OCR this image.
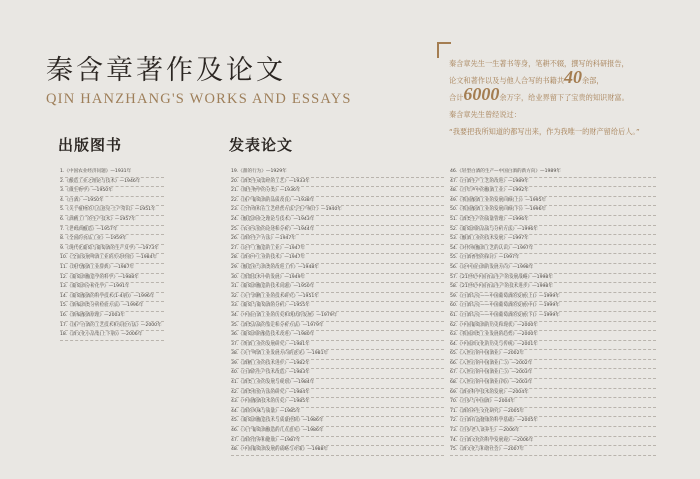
秦含章著作及论文
QIN HANZHANG'S WORKS AND ESSAYS
秦含章先生一生著书等身，笔耕不辍，撰写的科研报告，
论文和著作以及与他人合写的书籍共40余部，
合计6000余万字，给业界留下了宝贵的知识财富。
秦含章先生曾经说过：
“我要把我所知道的都写出来，作为我唯一的财产留给后人。”
出版图书	发表论文
1.《中国农业经济问题》—1931年
2.《酿造工业之理论与技术》—1946年
3.《微生物学》—1950年
4.《白酒》—1950年
5.《关于植物的几点意见·土产常识》—1951年
6.《酒精工厂的生产技术》—1957年
7.《老姆酒酿造》—1957年
8.《全国的食品工业》—1959年
9.《现代化葡萄与葡萄酒的生产及学》—1973年
10.《全面发展啤酒工业的历史经验》—1984年
11.《现代酿酒工业辞典》—1987年
12.《葡萄酒酿造学的科学》—1988年
13.《葡萄酒分析化学》—1991年
14.《葡萄酿酒的科学技术(1-4册)》—1996年
15.《新编酒类分析检验方法》—1996年
16.《新编酿酒原理》—2003年
17.《国产白酒的工艺技术和实验方法》—2000年
18.《酒文化小品集(上下册)》—2006年
19.《甜的行为》—1929年
20.《酒类生成需经的工艺》—1933年
21.《微生物学的分类》—1936年
22.《国产葡萄酒的品质改良》—1938年
23.《合作组织在工艺经营方法与生产统计》—1940年
24.《酿造酒业之理论与技术》—1943年
25.《农业实验的论述和分析》—1944年
26.《酒的生产方法》—1947年
27.《论手工酿造的工业》—1947年
28.《酒业中工业的技术》—1947年
29.《酿造业与酒类的改进工作》—1948年
30.《蒸馏技术中的发展》—1949年
31.《葡萄酒酿造的技术问题》—1950年
32.《关于酒精工业的技术研究》—1951年
33.《葡萄与葡萄酒的分析》—1955年
34.《中国白酒工业的历史和现状的发展》—1979年
35.《酒类品质的鉴定和分析方法》—1979年
36.《葡萄酒的酿造技术改进》—1980年
37.《黄酒工业的发展研究》—1981年
38.《关于啤酒工业发展方向的意见》—1981年
39.《酒精工业的技术进步》—1982年
40.《白酒的生产技术改造》—1983年
41.《酒类工业的发展与规划》—1984年
42.《酒类检验方法的研究》—1984年
43.《中国酿酒技术的历史》—1985年
44.《酒的风味与质量》—1985年
45.《葡萄酒酿造技术与质量控制》—1986年
46.《关于葡萄酒酿造的几点意见》—1986年
47.《酒的营养和健康》—1987年
48.《中国葡萄酒发展的战略与对策》—1988年
46.《轻型白酒的生产—中国白酒的新方向》—1989年
47.《白酒生产工艺的改进》—1989年
48.《百年声中的酿酒工业》—1992年
49.《我国酿酒工业的发展回顾(上)》—1995年
50.《我国酿酒工业的发展回顾(下)》—1996年
51.《酒类生产的质量管理》—1996年
52.《葡萄酒的品质与分析方法》—1996年
53.《酿酒工业的技术发展》—1997年
54.《对传统酿酒工艺的认识》—1997年
55.《白酒香型的探讨》—1997年
56.《论中国白酒的发展方向》—1998年
57.《21世纪中国食品生产的发展战略》—1998年
58.《21世纪中国食品生产的技术进步》—1998年
59.《白酒勾兑——中国葡萄酒的发展(上)》—1999年
60.《白酒勾兑——中国葡萄酒的发展(中)》—1999年
61.《白酒勾兑——中国葡萄酒的发展(下)》—1999年
62.《中国葡萄酒的历史和现状》—2000年
63.《我国酒类工业发展的趋势》—2000年
64.《中国酒文化的历史与传统》—2001年
65.《入世后的中国酒业》—2002年
66.《入世后的中国酒业(二)》—2002年
67.《入世后的中国酒业(三)》—2003年
68.《入世后的中国酒业(四)》—2003年
69.《酒业科学技术的发展》—2004年
70.《百岁与中国酒》—2004年
71.《酒的养生文化研究》—2005年
72.《白酒有益健康的科学基础》—2005年
73.《百岁老人谈养生》—2006年
74.《白酒文化的科学发展观》—2006年
75.《酒文化与和谐社会》—2007年
